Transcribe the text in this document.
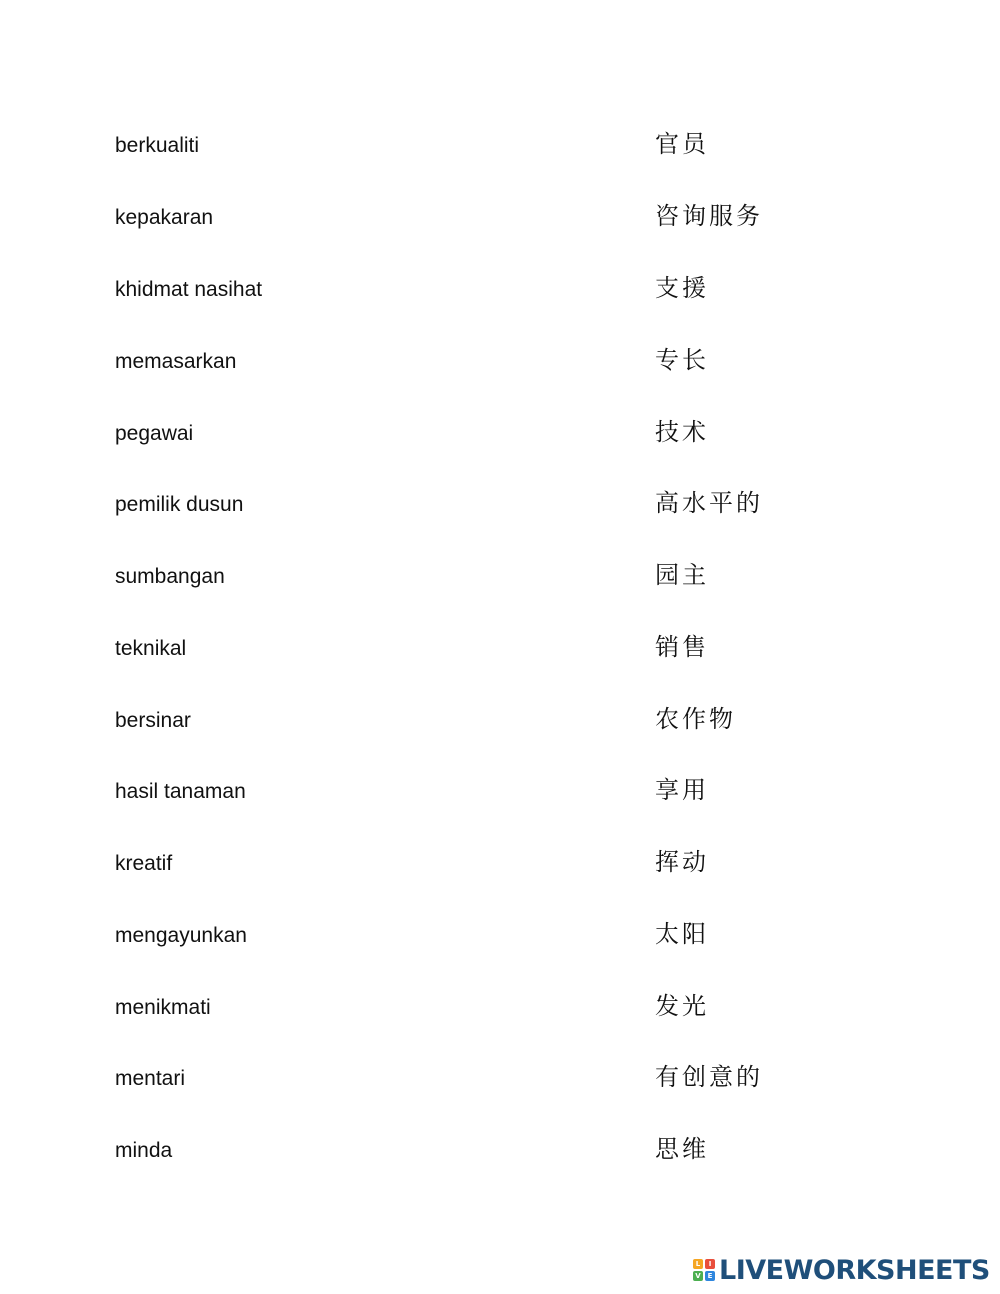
berkualiti	官员
kepakaran	咨询服务
khidmat nasihat	支援
memasarkan	专长
pegawai	技术
pemilik dusun	高水平的
sumbangan	园主
teknikal	销售
bersinar	农作物
hasil tanaman	享用
kreatif	挥动
mengayunkan	太阳
menikmati	发光
mentari	有创意的
minda	思维
L	I
V E LIVEWORKSHEETS
